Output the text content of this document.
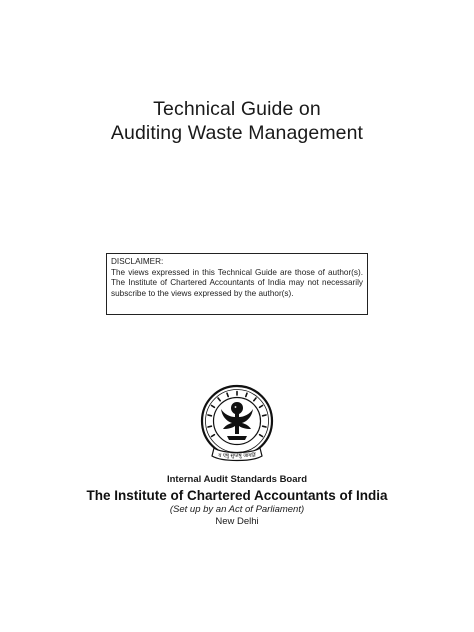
Technical Guide on
Auditing Waste Management
DISCLAIMER:
The views expressed in this Technical Guide are those of author(s). The Institute of Chartered Accountants of India may not necessarily subscribe to the views expressed by the author(s).
य एषु सुप्तेषु जागर्ति
Internal Audit Standards Board
The Institute of Chartered Accountants of India
(Set up by an Act of Parliament)
New Delhi
